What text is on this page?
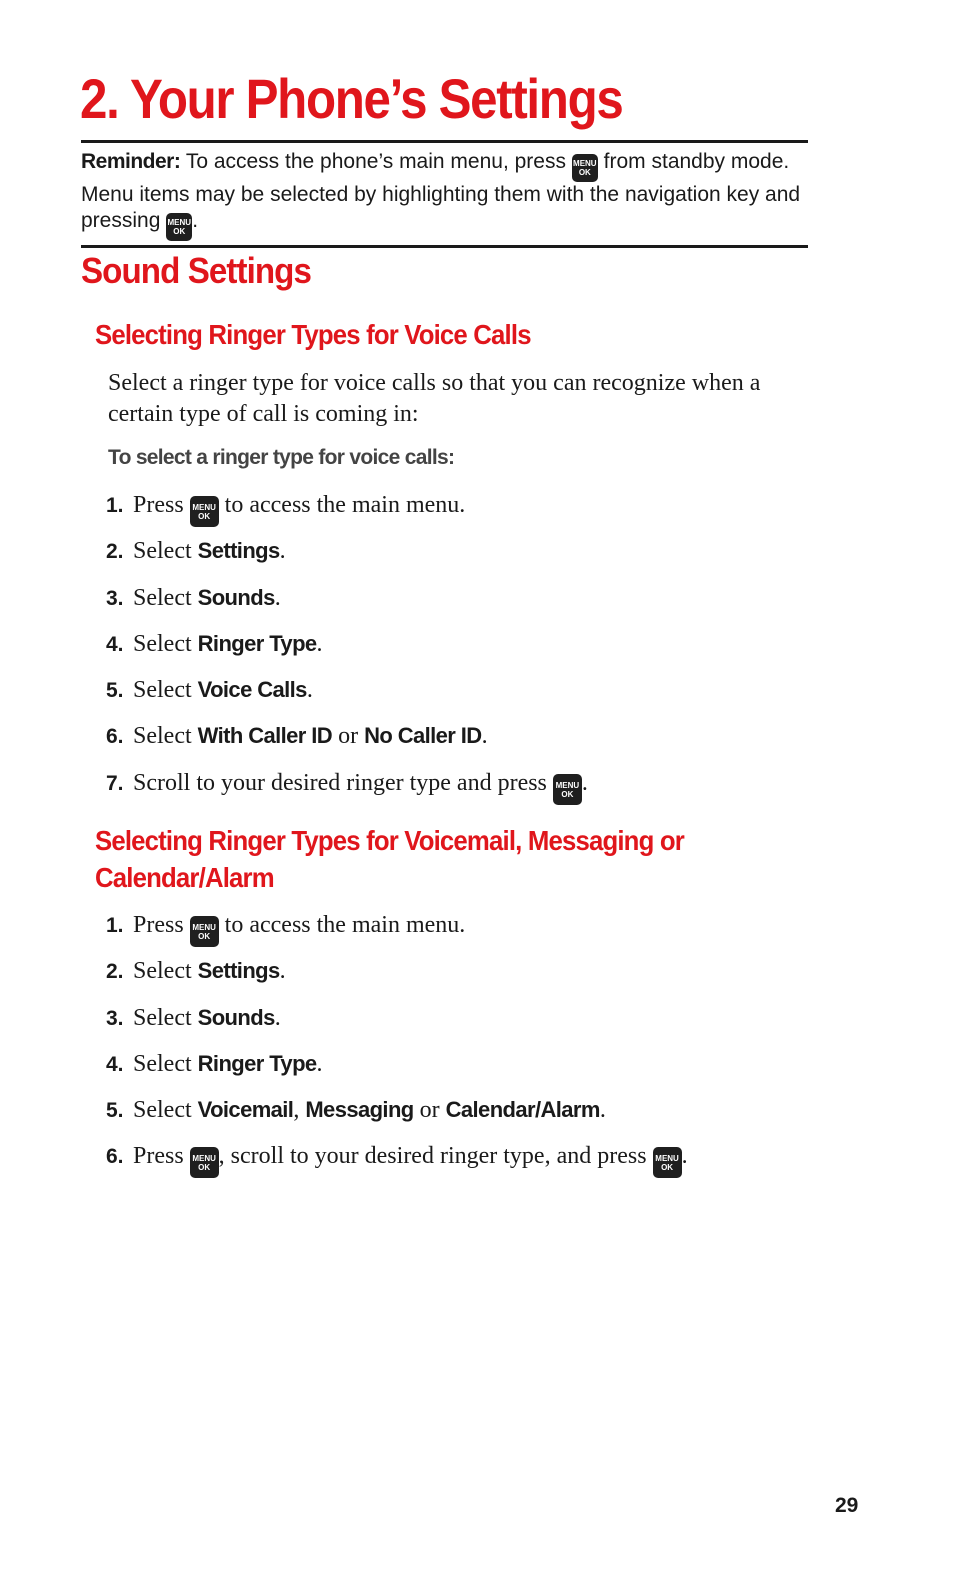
2. Your Phone’s Settings
Reminder: To access the phone’s main menu, press MENU
OK from standby mode. Menu items may be selected by highlighting them with the navigation key and pressing MENU
OK .
Sound Settings
Selecting Ringer Types for Voice Calls

Select a ringer type for voice calls so that you can recognize when a certain type of call is coming in:

To select a ringer type for voice calls:

1. Press MENU
OK to access the main menu.
2. Select Settings.
3. Select Sounds.
4. Select Ringer Type.
5. Select Voice Calls.
6. Select With Caller ID or No Caller ID.
7. Scroll to your desired ringer type and press MENU
OK .
Selecting Ringer Types for Voicemail, Messaging or Calendar/Alarm
1. Press MENU
OK to access the main menu.
2. Select Settings.
3. Select Sounds.
4. Select Ringer Type.
5. Select Voicemail, Messaging or Calendar/Alarm.
6. Press MENU
OK , scroll to your desired ringer type, and press MENU
OK .
29
